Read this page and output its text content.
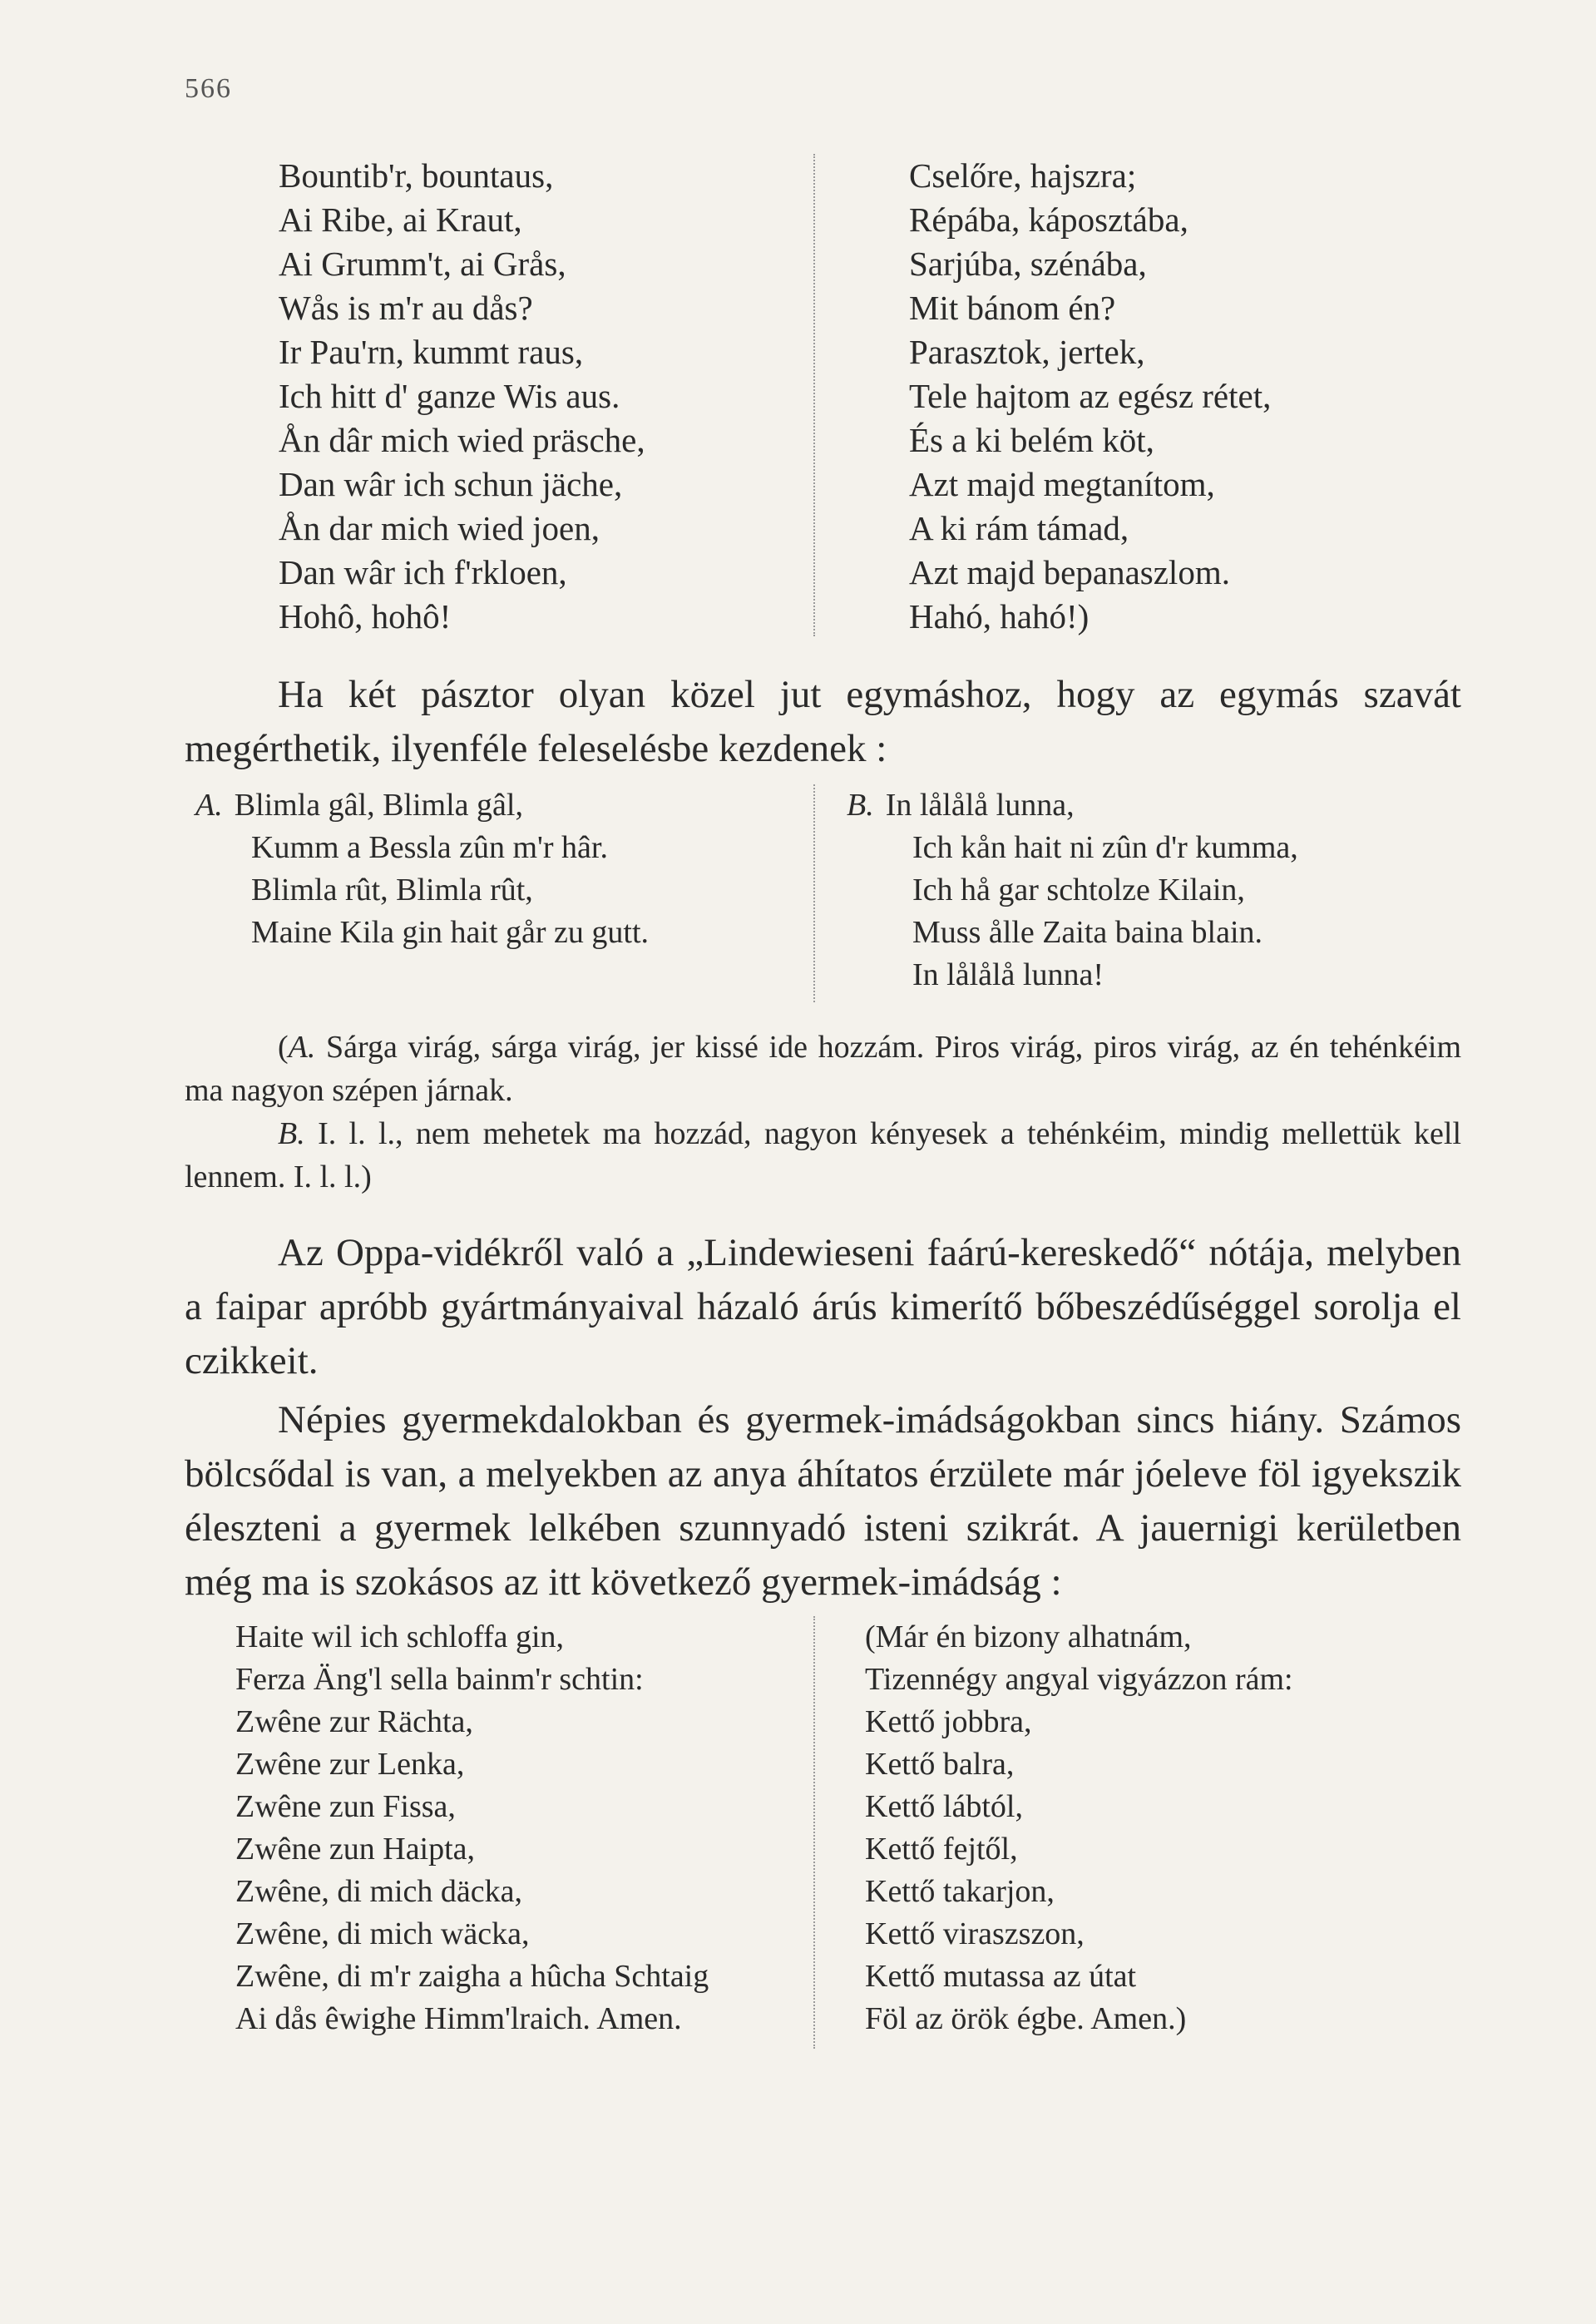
566
Bountib'r, bountaus,
Ai Ribe, ai Kraut,
Ai Grumm't, ai Grås,
Wås is m'r au dås?
Ir Pau'rn, kummt raus,
Ich hitt d' ganze Wis aus.
Ån dâr mich wied präsche,
Dan wâr ich schun jäche,
Ån dar mich wied joen,
Dan wâr ich f'rkloen,
Hohô, hohô!
Cselőre, hajszra;
Répába, káposztába,
Sarjúba, szénába,
Mit bánom én?
Parasztok, jertek,
Tele hajtom az egész rétet,
És a ki belém köt,
Azt majd megtanítom,
A ki rám támad,
Azt majd bepanaszlom.
Hahó, hahó!)

Ha két pásztor olyan közel jut egymáshoz, hogy az egymás szavát megérthetik, ilyenféle feleselésbe kezdenek :

A. Blimla gâl, Blimla gâl,
Kumm a Bessla zûn m'r hâr.
Blimla rût, Blimla rût,
Maine Kila gin hait går zu gutt.
B. In lålålå lunna,
Ich kån hait ni zûn d'r kumma,
Ich hå gar schtolze Kilain,
Muss ålle Zaita baina blain.
In lålålå lunna!

(A. Sárga virág, sárga virág, jer kissé ide hozzám. Piros virág, piros virág, az én tehénkéim ma nagyon szépen járnak.

B. I. l. l., nem mehetek ma hozzád, nagyon kényesek a tehénkéim, mindig mellettük kell lennem. I. l. l.)

Az Oppa-vidékről való a „Lindewieseni faárú-kereskedő“ nótája, melyben a faipar apróbb gyártmányaival házaló árús kimerítő bőbeszédűséggel sorolja el czikkeit.

Népies gyermekdalokban és gyermek-imádságokban sincs hiány. Számos bölcsődal is van, a melyekben az anya áhítatos érzülete már jóeleve föl igyekszik éleszteni a gyermek lelkében szunnyadó isteni szikrát. A jauernigi kerületben még ma is szokásos az itt következő gyermek-imádság :

Haite wil ich schloffa gin,
Ferza Äng'l sella bainm'r schtin:
Zwêne zur Rächta,
Zwêne zur Lenka,
Zwêne zun Fissa,
Zwêne zun Haipta,
Zwêne, di mich däcka,
Zwêne, di mich wäcka,
Zwêne, di m'r zaigha a hûcha Schtaig
Ai dås êwighe Himm'lraich. Amen.
(Már én bizony alhatnám,
Tizennégy angyal vigyázzon rám:
Kettő jobbra,
Kettő balra,
Kettő lábtól,
Kettő fejtől,
Kettő takarjon,
Kettő viraszszon,
Kettő mutassa az útat
Föl az örök égbe. Amen.)
